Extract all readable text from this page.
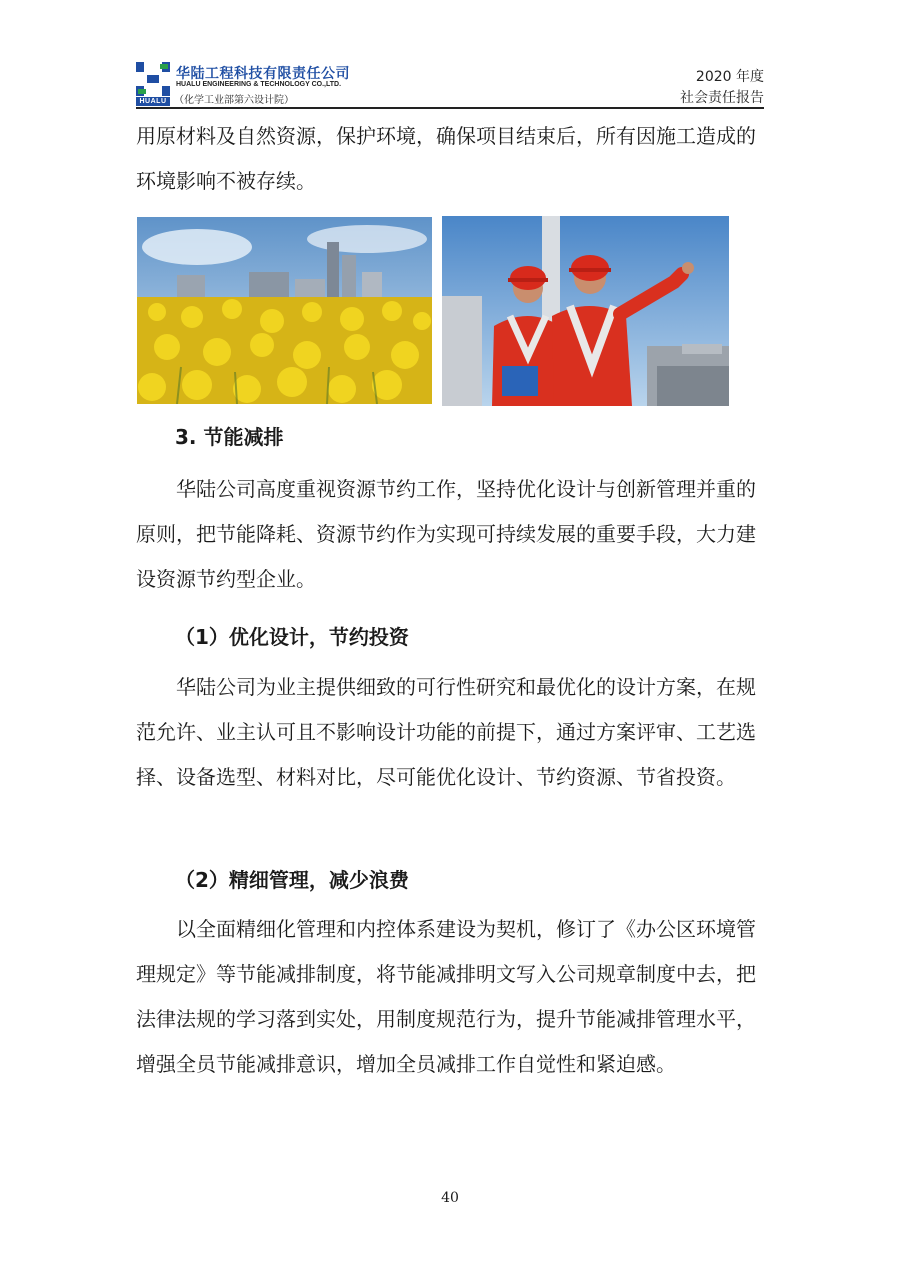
HUALU
华陆工程科技有限责任公司
HUALU ENGINEERING & TECHNOLOGY CO.,LTD.
（化学工业部第六设计院）
2020 年度
社会责任报告
用原材料及自然资源，保护环境，确保项目结束后，所有因施工造成的环境影响不被存续。
3. 节能减排
华陆公司高度重视资源节约工作，坚持优化设计与创新管理并重的原则，把节能降耗、资源节约作为实现可持续发展的重要手段，大力建设资源节约型企业。
（1）优化设计，节约投资
华陆公司为业主提供细致的可行性研究和最优化的设计方案，在规范允许、业主认可且不影响设计功能的前提下，通过方案评审、工艺选择、设备选型、材料对比，尽可能优化设计、节约资源、节省投资。
（2）精细管理，减少浪费
以全面精细化管理和内控体系建设为契机，修订了《办公区环境管理规定》等节能减排制度，将节能减排明文写入公司规章制度中去，把法律法规的学习落到实处，用制度规范行为，提升节能减排管理水平，增强全员节能减排意识，增加全员减排工作自觉性和紧迫感。
40
